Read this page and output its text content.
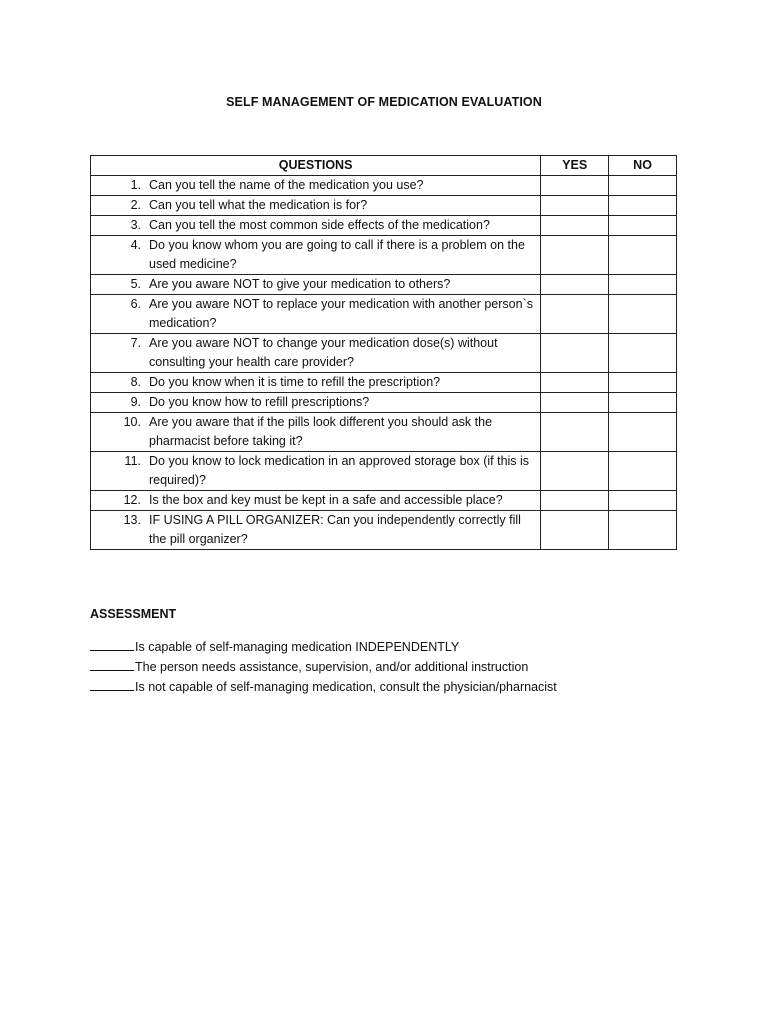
SELF MANAGEMENT OF MEDICATION EVALUATION
QUESTIONS	YES	NO

1. Can you tell the name of the medication you use?		

2. Can you tell what the medication is for?		

3. Can you tell the most common side effects of the medication?		

4. Do you know whom you are going to call if there is a problem on the used medicine?		

5. Are you aware NOT to give your medication to others?		

6. Are you aware NOT to replace your medication with another person`s medication?		

7. Are you aware NOT to change your medication dose(s) without consulting your health care provider?		

8. Do you know when it is time to refill the prescription?		

9. Do you know how to refill prescriptions?		

10. Are you aware that if the pills look different you should ask the pharmacist before taking it?		

11. Do you know to lock medication in an approved storage box (if this is required)?		

12. Is the box and key must be kept in a safe and accessible place?		

13. IF USING A PILL ORGANIZER: Can you independently correctly fill the pill organizer?		

ASSESSMENT
Is capable of self-managing medication INDEPENDENTLY
The person needs assistance, supervision, and/or additional instruction
Is not capable of self-managing medication, consult the physician/pharnacist
